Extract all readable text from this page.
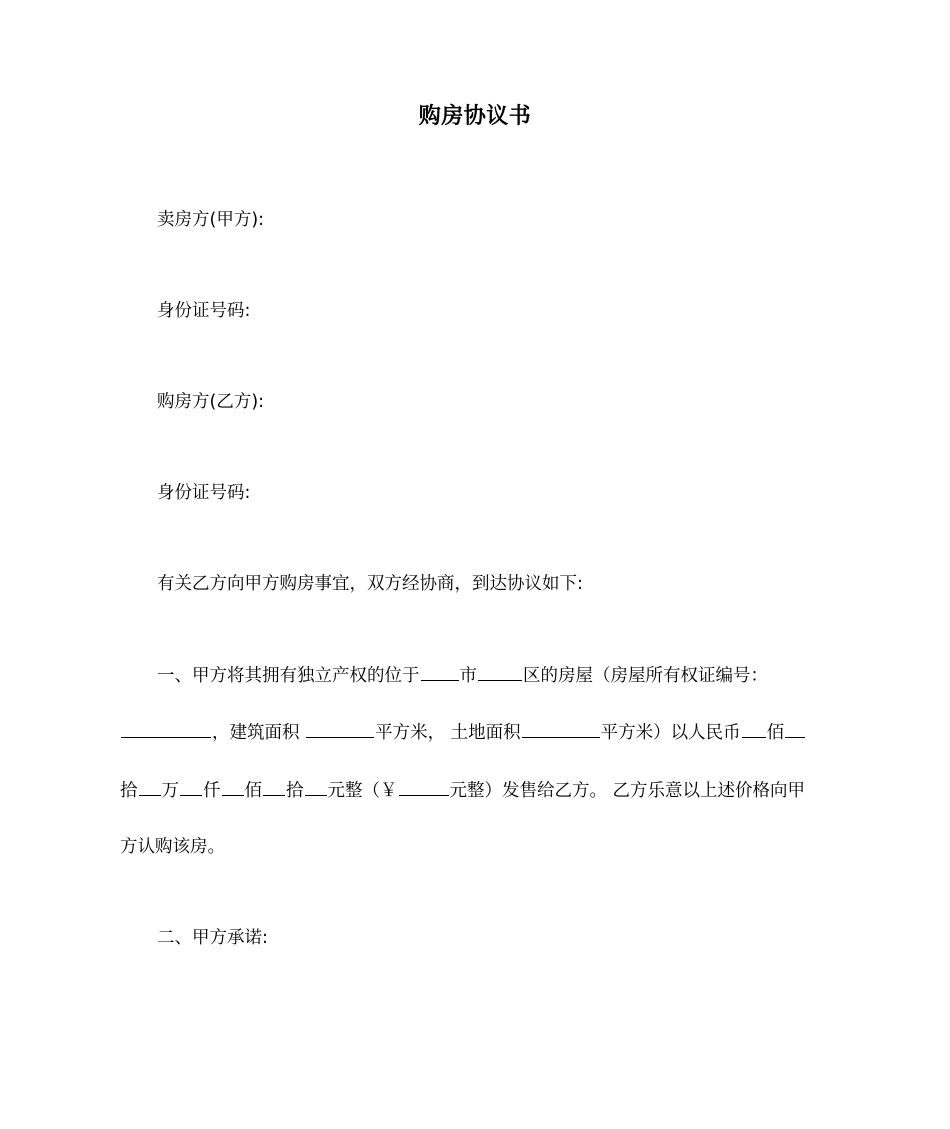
购房协议书
卖房方(甲方):
身份证号码:
购房方(乙方):
身份证号码:
有关乙方向甲方购房事宜，双方经协商，到达协议如下:
一、甲方将其拥有独立产权的位于 市	区的房屋（房屋所有权证编号：
，建筑面积	平方米， 土地面积	平方米）以人民币 佰
拾 万 仟 佰 拾 元整（￥	元整）发售给乙方。 乙方乐意以上述价格向甲
方认购该房。
二、甲方承诺:
